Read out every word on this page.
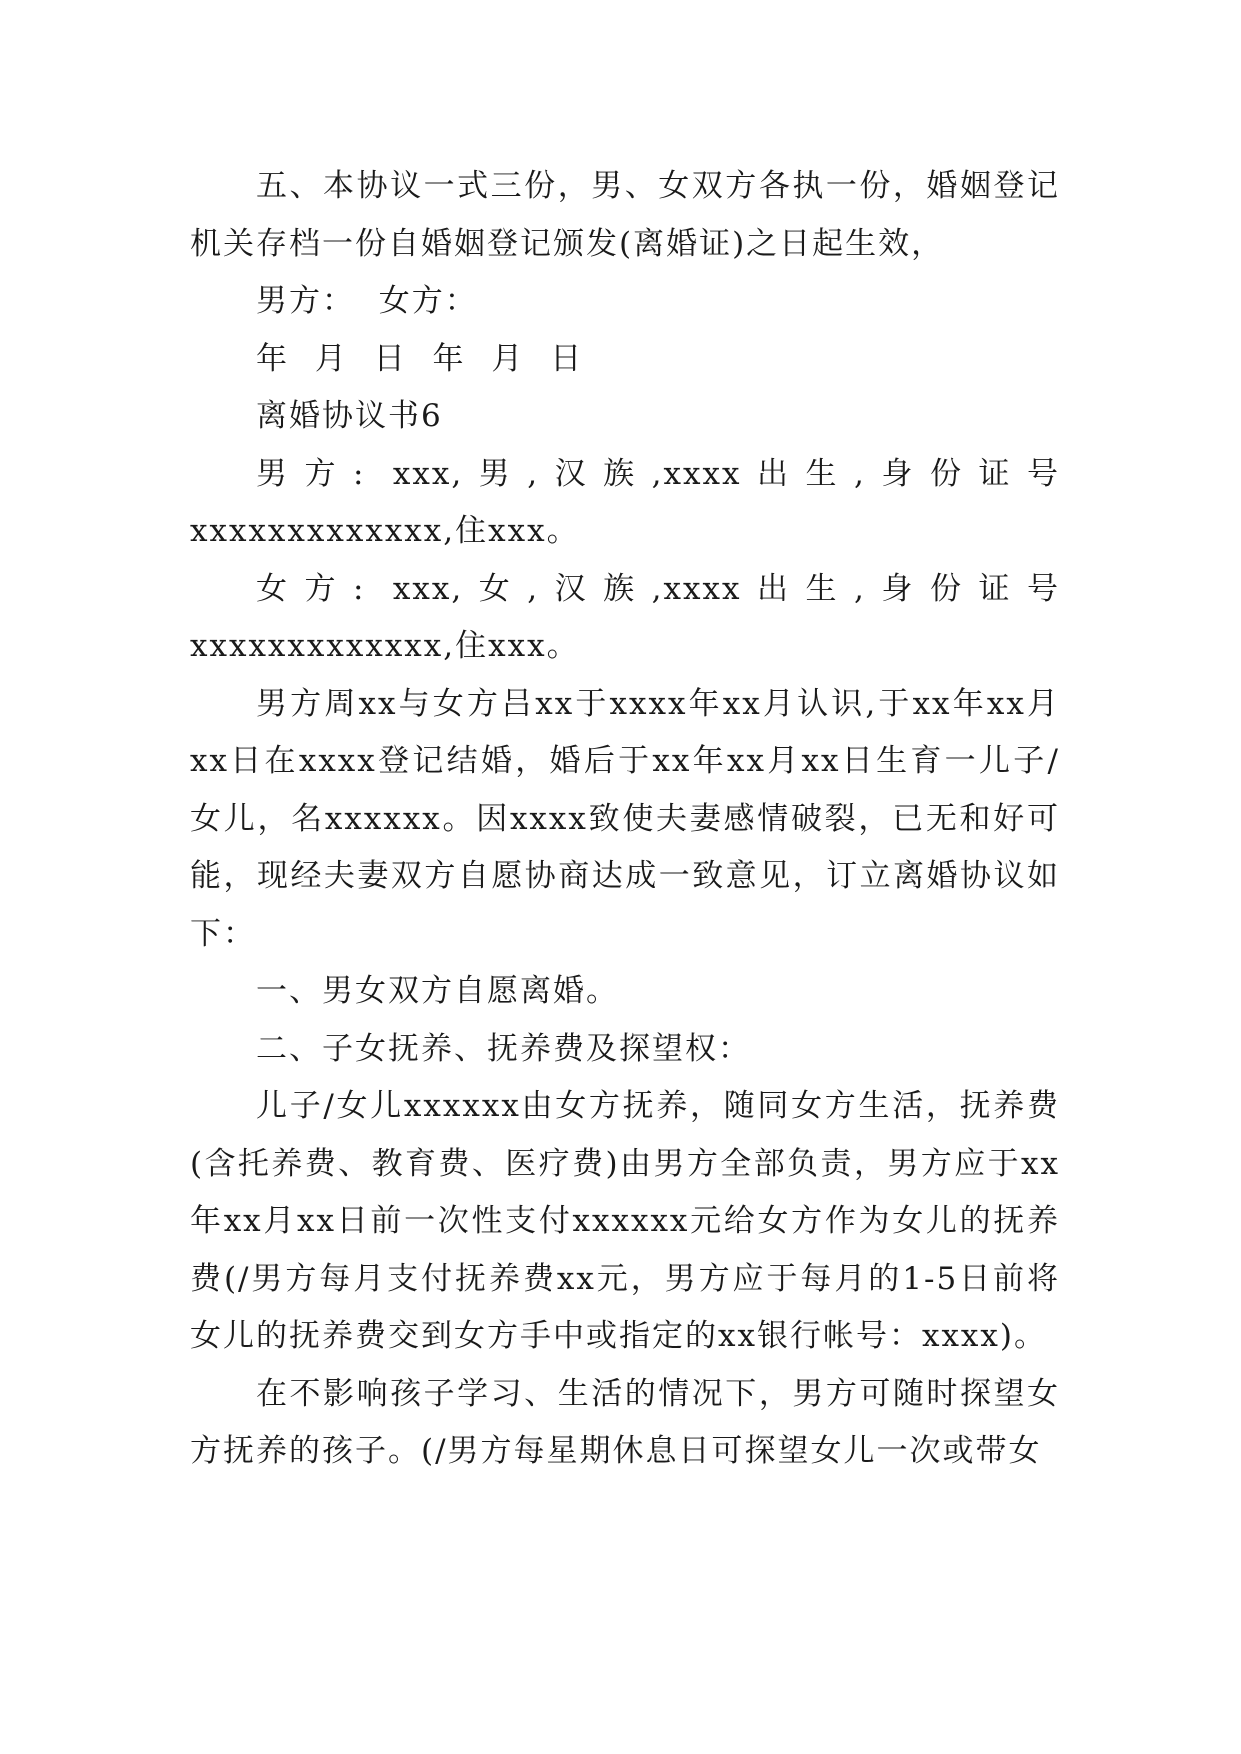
五、本协议一式三份，男、女双方各执一份，婚姻登记机关存档一份自婚姻登记颁发(离婚证)之日起生效，

男方：  女方：

年 月 日 年 月 日

离婚协议书6

男方: xxx,男,汉族,xxxx出生,身份证号xxxxxxxxxxxxx,住xxx。

女方: xxx,女,汉族,xxxx出生,身份证号xxxxxxxxxxxxx,住xxx。

男方周xx与女方吕xx于xxxx年xx月认识,于xx年xx月xx日在xxxx登记结婚，婚后于xx年xx月xx日生育一儿子/女儿，名xxxxxx。因xxxx致使夫妻感情破裂，已无和好可能，现经夫妻双方自愿协商达成一致意见，订立离婚协议如下：

一、男女双方自愿离婚。

二、子女抚养、抚养费及探望权：

儿子/女儿xxxxxx由女方抚养，随同女方生活，抚养费(含托养费、教育费、医疗费)由男方全部负责，男方应于xx年xx月xx日前一次性支付xxxxxx元给女方作为女儿的抚养费(/男方每月支付抚养费xx元，男方应于每月的1-5日前将女儿的抚养费交到女方手中或指定的xx银行帐号：xxxx)。

在不影响孩子学习、生活的情况下，男方可随时探望女方抚养的孩子。(/男方每星期休息日可探望女儿一次或带女
